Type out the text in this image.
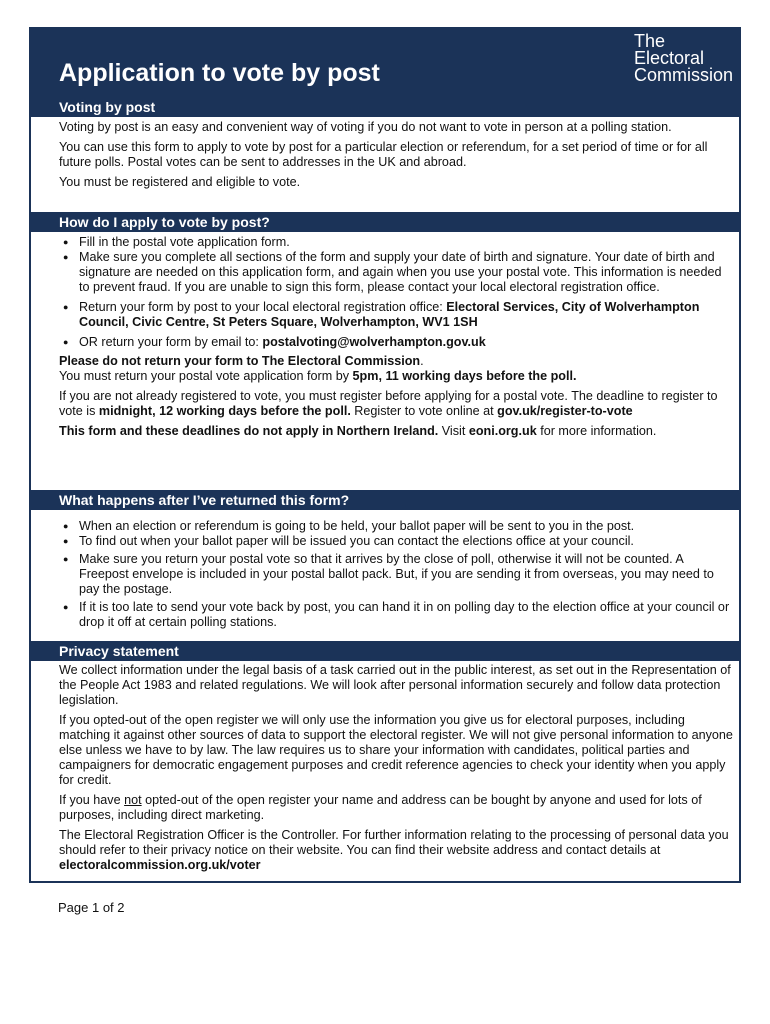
Application to vote by post
The
Electoral
Commission
Voting by post

Voting by post is an easy and convenient way of voting if you do not want to vote in person at a polling station.

You can use this form to apply to vote by post for a particular election or referendum, for a set period of time or for all future polls. Postal votes can be sent to addresses in the UK and abroad.

You must be registered and eligible to vote.

How do I apply to vote by post?
● Fill in the postal vote application form.
● Make sure you complete all sections of the form and supply your date of birth and signature. Your date of birth and signature are needed on this application form, and again when you use your postal vote. This information is needed to prevent fraud. If you are unable to sign this form, please contact your local electoral registration office.
● Return your form by post to your local electoral registration office: Electoral Services, City of Wolverhampton Council, Civic Centre, St Peters Square, Wolverhampton, WV1 1SH
● OR return your form by email to: postalvoting@wolverhampton.gov.uk
Please do not return your form to The Electoral Commission.

You must return your postal vote application form by 5pm, 11 working days before the poll.

If you are not already registered to vote, you must register before applying for a postal vote. The deadline to register to vote is midnight, 12 working days before the poll. Register to vote online at gov.uk/register-to-vote

This form and these deadlines do not apply in Northern Ireland. Visit eoni.org.uk for more information.

What happens after I’ve returned this form?
● When an election or referendum is going to be held, your ballot paper will be sent to you in the post.
● To find out when your ballot paper will be issued you can contact the elections office at your council.
● Make sure you return your postal vote so that it arrives by the close of poll, otherwise it will not be counted. A Freepost envelope is included in your postal ballot pack. But, if you are sending it from overseas, you may need to pay the postage.
● If it is too late to send your vote back by post, you can hand it in on polling day to the election office at your council or drop it off at certain polling stations.
Privacy statement

We collect information under the legal basis of a task carried out in the public interest, as set out in the Representation of the People Act 1983 and related regulations. We will look after personal information securely and follow data protection legislation.

If you opted-out of the open register we will only use the information you give us for electoral purposes, including matching it against other sources of data to support the electoral register. We will not give personal information to anyone else unless we have to by law. The law requires us to share your information with candidates, political parties and campaigners for democratic engagement purposes and credit reference agencies to check your identity when you apply for credit.

If you have not opted-out of the open register your name and address can be bought by anyone and used for lots of purposes, including direct marketing.

The Electoral Registration Officer is the Controller. For further information relating to the processing of personal data you should refer to their privacy notice on their website. You can find their website address and contact details at electoralcommission.org.uk/voter

Page 1 of 2
